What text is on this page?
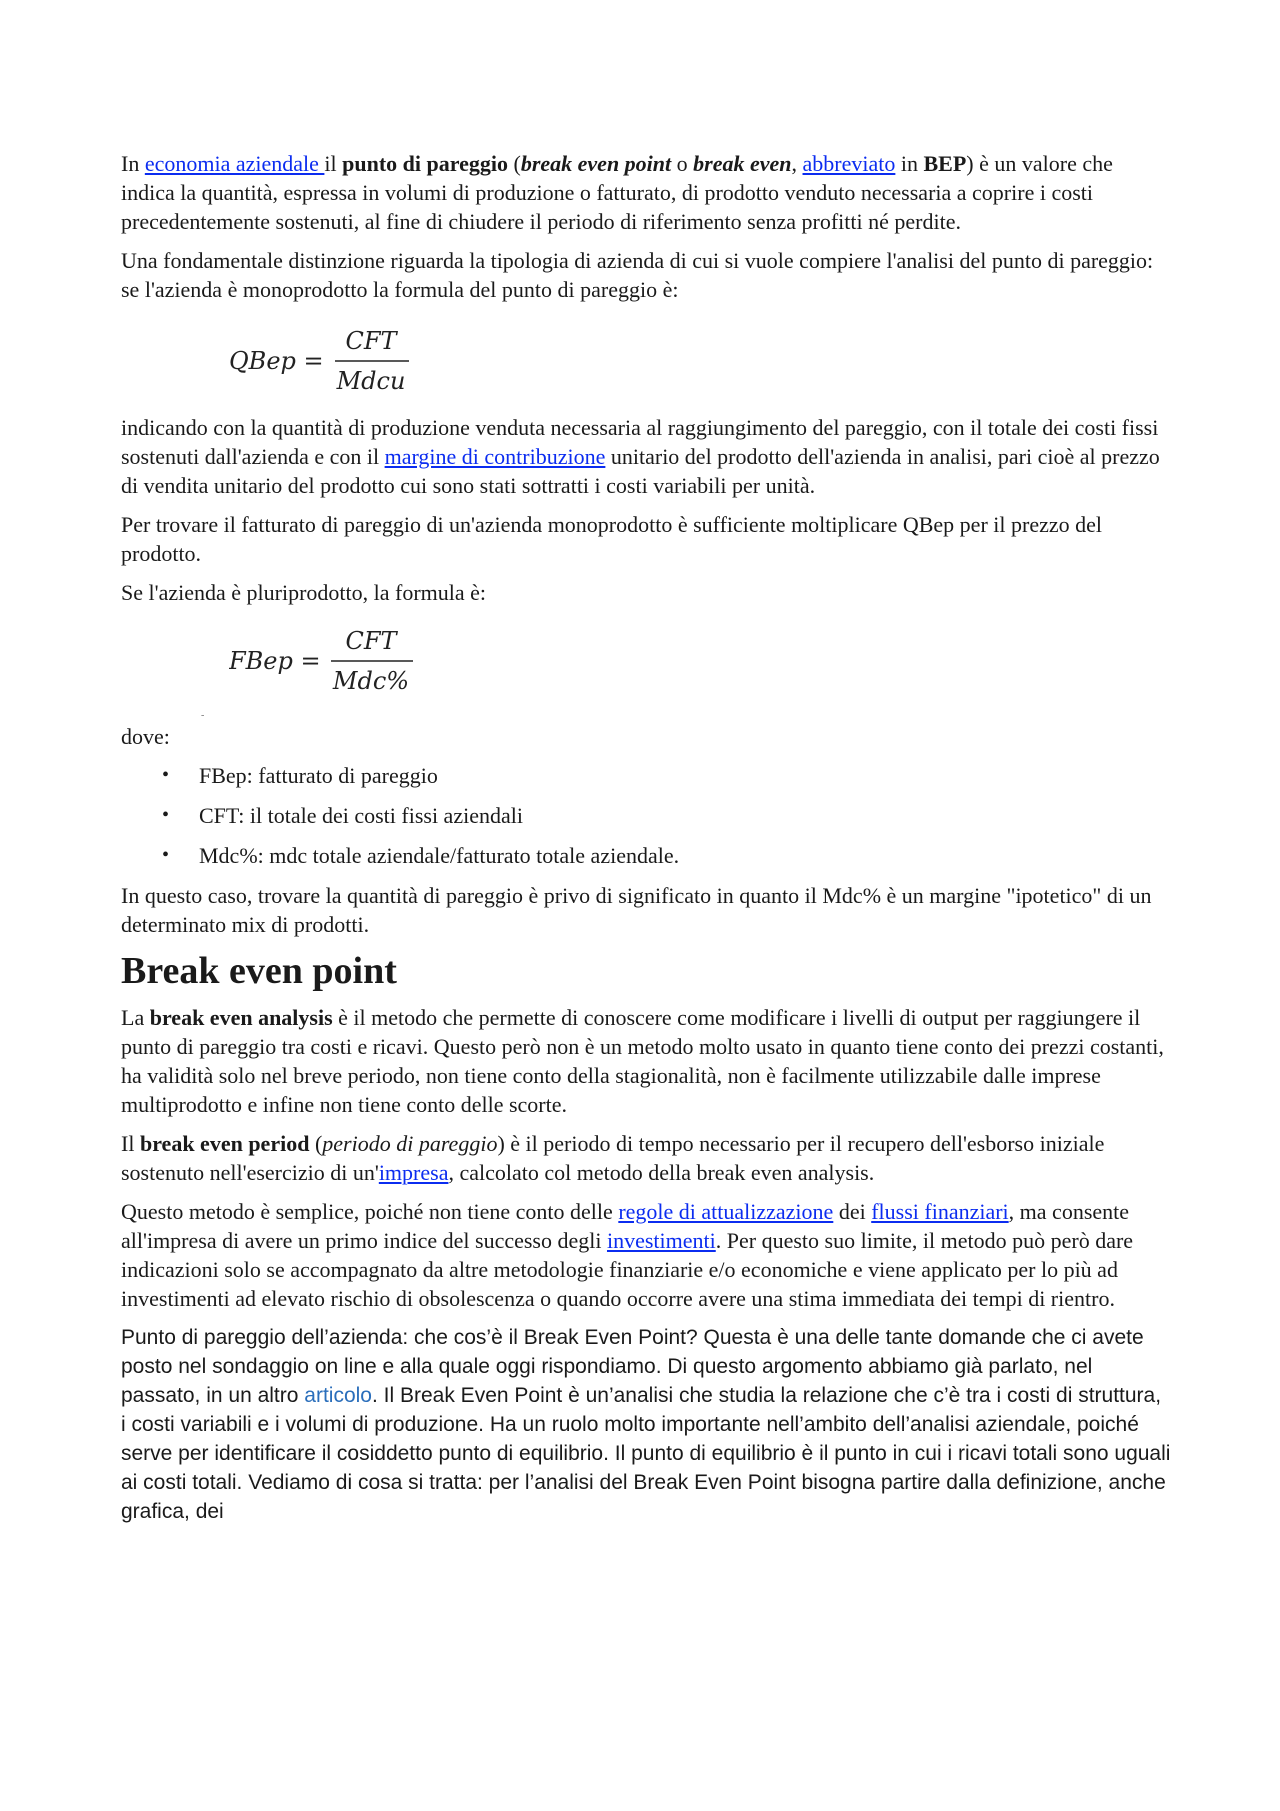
In economia aziendale il punto di pareggio (break even point o break even, abbreviato in BEP) è un valore che indica la quantità, espressa in volumi di produzione o fatturato, di prodotto venduto necessaria a coprire i costi precedentemente sostenuti, al fine di chiudere il periodo di riferimento senza profitti né perdite.

Una fondamentale distinzione riguarda la tipologia di azienda di cui si vuole compiere l'analisi del punto di pareggio: se l'azienda è monoprodotto la formula del punto di pareggio è:

QBep =
CFT
Mdcu

indicando con la quantità di produzione venduta necessaria al raggiungimento del pareggio, con il totale dei costi fissi sostenuti dall'azienda e con il margine di contribuzione unitario del prodotto dell'azienda in analisi, pari cioè al prezzo di vendita unitario del prodotto cui sono stati sottratti i costi variabili per unità.

Per trovare il fatturato di pareggio di un'azienda monoprodotto è sufficiente moltiplicare QBep per il prezzo del prodotto.

Se l'azienda è pluriprodotto, la formula è:

FBep =
CFT
Mdc%
-

dove:

• FBep: fatturato di pareggio
• CFT: il totale dei costi fissi aziendali
• Mdc%: mdc totale aziendale/fatturato totale aziendale.

In questo caso, trovare la quantità di pareggio è privo di significato in quanto il Mdc% è un margine "ipotetico" di un determinato mix di prodotti.

Break even point

La break even analysis è il metodo che permette di conoscere come modificare i livelli di output per raggiungere il punto di pareggio tra costi e ricavi. Questo però non è un metodo molto usato in quanto tiene conto dei prezzi costanti, ha validità solo nel breve periodo, non tiene conto della stagionalità, non è facilmente utilizzabile dalle imprese multiprodotto e infine non tiene conto delle scorte.

Il break even period (periodo di pareggio) è il periodo di tempo necessario per il recupero dell'esborso iniziale sostenuto nell'esercizio di un'impresa, calcolato col metodo della break even analysis.

Questo metodo è semplice, poiché non tiene conto delle regole di attualizzazione dei flussi finanziari, ma consente all'impresa di avere un primo indice del successo degli investimenti. Per questo suo limite, il metodo può però dare indicazioni solo se accompagnato da altre metodologie finanziarie e/o economiche e viene applicato per lo più ad investimenti ad elevato rischio di obsolescenza o quando occorre avere una stima immediata dei tempi di rientro.

Punto di pareggio dell’azienda: che cos’è il Break Even Point? Questa è una delle tante domande che ci avete posto nel sondaggio on line e alla quale oggi rispondiamo. Di questo argomento abbiamo già parlato, nel passato, in un altro articolo. Il Break Even Point è un’analisi che studia la relazione che c’è tra i costi di struttura, i costi variabili e i volumi di produzione. Ha un ruolo molto importante nell’ambito dell’analisi aziendale, poiché serve per identificare il cosiddetto punto di equilibrio. Il punto di equilibrio è il punto in cui i ricavi totali sono uguali ai costi totali. Vediamo di cosa si tratta: per l’analisi del Break Even Point bisogna partire dalla definizione, anche grafica, dei
